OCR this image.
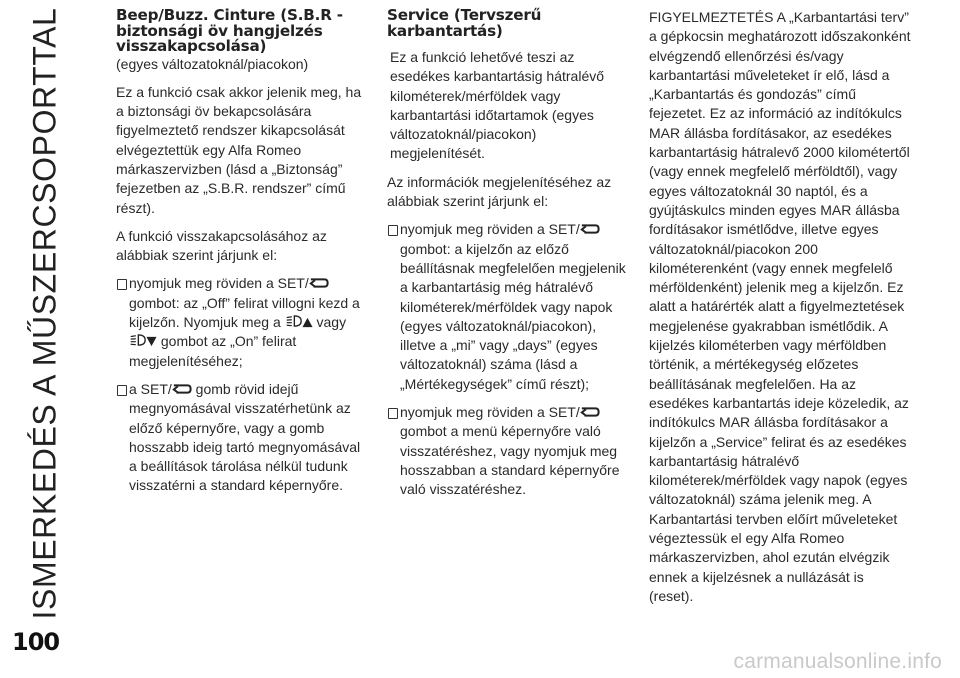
ISMERKEDÉS A MŰSZERCSOPORTTAL
100
carmanualsonline.info
Beep/Buzz. Cinture (S.B.R - biztonsági öv hangjelzés visszakapcsolása)
(egyes változatoknál/piacokon)

Ez a funkció csak akkor jelenik meg, ha a biztonsági öv bekapcsolására figyelmeztető rendszer kikapcsolását elvégeztettük egy Alfa Romeo márkaszervizben (lásd a „Biztonság” fejezetben az „S.B.R. rendszer” című részt).

A funkció visszakapcsolásához az alábbiak szerint járjunk el:

nyomjuk meg röviden a SET/
gombot: az „Off” felirat villogni kezd a kijelzőn. Nyomjuk meg a
vagy
gombot az „On” felirat megjelenítéséhez;
a SET/
gomb rövid idejű megnyomásával visszatérhetünk az előző képernyőre, vagy a gomb hosszabb ideig tartó megnyomásával a beállítások tárolása nélkül tudunk visszatérni a standard képernyőre.
Service (Tervszerű karbantartás)

Ez a funkció lehetővé teszi az esedékes karbantartásig hátralévő kilométerek/mérföldek vagy karbantartási időtartamok (egyes változatoknál/piacokon) megjelenítését.

Az információk megjelenítéséhez az alábbiak szerint járjunk el:

nyomjuk meg röviden a SET/
gombot: a kijelzőn az előző beállításnak megfelelően megjelenik a karbantartásig még hátralévő kilométerek/mérföldek vagy napok (egyes változatoknál/piacokon), illetve a „mi” vagy „days” (egyes változatoknál) száma (lásd a „Mértékegységek” című részt);
nyomjuk meg röviden a SET/
gombot a menü képernyőre való visszatéréshez, vagy nyomjuk meg hosszabban a standard képernyőre való visszatéréshez.

FIGYELMEZTETÉS A „Karbantartási terv” a gépkocsin meghatározott időszakonként elvégzendő ellenőrzési és/vagy karbantartási műveleteket ír elő, lásd a „Karbantartás és gondozás” című fejezetet. Ez az információ az indítókulcs MAR állásba fordításakor, az esedékes karbantartásig hátralevő 2000 kilométertől (vagy ennek megfelelő mérföldtől), vagy egyes változatoknál 30 naptól, és a gyújtáskulcs minden egyes MAR állásba fordításakor ismétlődve, illetve egyes változatoknál/piacokon 200 kilométerenként (vagy ennek megfelelő mérföldenként) jelenik meg a kijelzőn. Ez alatt a határérték alatt a figyelmeztetések megjelenése gyakrabban ismétlődik. A kijelzés kilométerben vagy mérföldben történik, a mértékegység előzetes beállításának megfelelően. Ha az esedékes karbantartás ideje közeledik, az indítókulcs MAR állásba fordításakor a kijelzőn a „Service” felirat és az esedékes karbantartásig hátralévő kilométerek/mérföldek vagy napok (egyes változatoknál) száma jelenik meg. A Karbantartási tervben előírt műveleteket végeztessük el egy Alfa Romeo márkaszervizben, ahol ezután elvégzik ennek a kijelzésnek a nullázását is (reset).
